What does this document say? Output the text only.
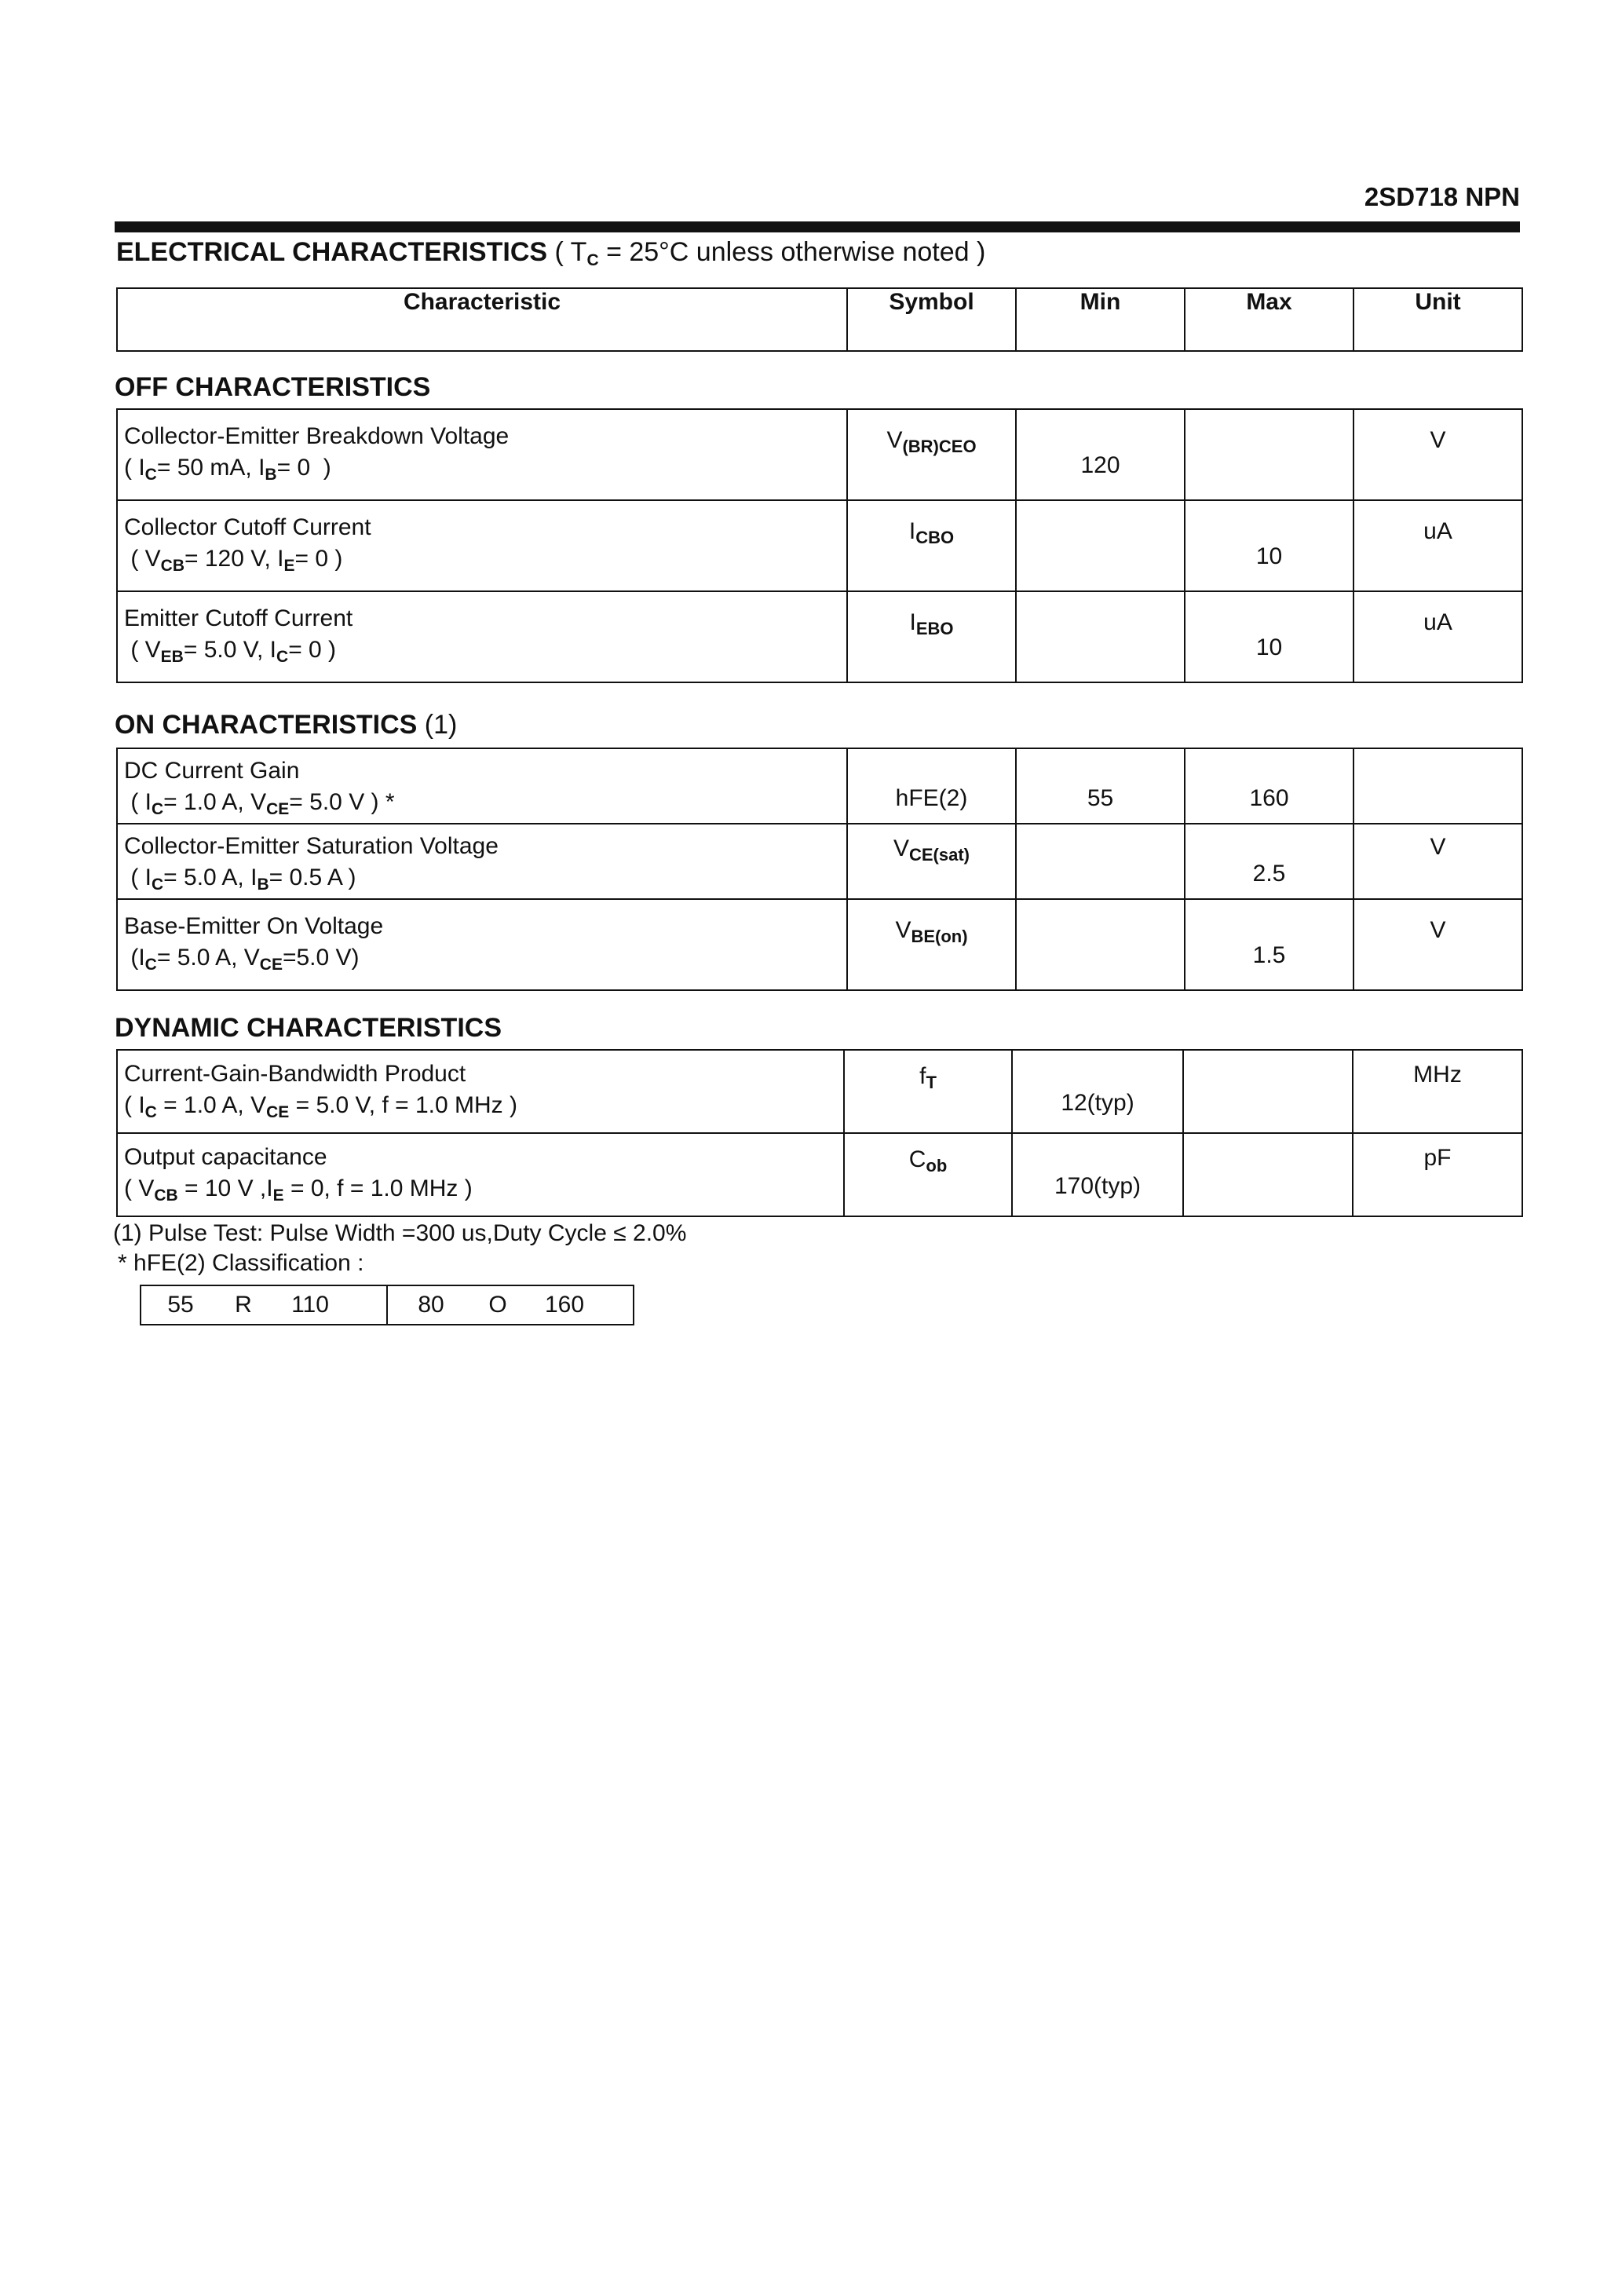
2SD718 NPN
ELECTRICAL CHARACTERISTICS ( $T_C = 25^\circ C$ unless otherwise noted )
Characteristic	Symbol	Min	Max	Unit
OFF CHARACTERISTICS
Collector-Emitter Breakdown Voltage
( $I_C= 50$ mA, $I_B= 0$  )	$V_{(BR)CEO}$	120		V

Collector Cutoff Current
( $V_{CB}= 120$ V, $I_E= 0$ )	$I_{CBO}$		10	uA

Emitter Cutoff Current
( $V_{EB}= 5.0$ V, $I_C= 0$ )	$I_{EBO}$		10	uA
ON CHARACTERISTICS (1)
DC Current Gain
( $I_C= 1.0$ A, $V_{CE}= 5.0$ V ) *	hFE(2)	55	160	

Collector-Emitter Saturation Voltage
( $I_C= 5.0$ A, $I_B= 0.5$ A )	$V_{CE(sat)}$		2.5	V

Base-Emitter On Voltage
($I_C= 5.0$ A, $V_{CE}=5.0$ V)	$V_{BE(on)}$		1.5	V
DYNAMIC CHARACTERISTICS
Current-Gain-Bandwidth Product
( $I_C = 1.0$ A, $V_{CE} = 5.0$ V, f = 1.0 MHz )	$f_T$	12(typ)		MHz

Output capacitance
( $V_{CB} = 10$ V $,I_E = 0$, f = 1.0 MHz )	$C_{ob}$	170(typ)		pF
(1) Pulse Test: Pulse Width =300 us,Duty Cycle ≤ 2.0%
* hFE(2) Classification :
55 R 110	80 O 160
